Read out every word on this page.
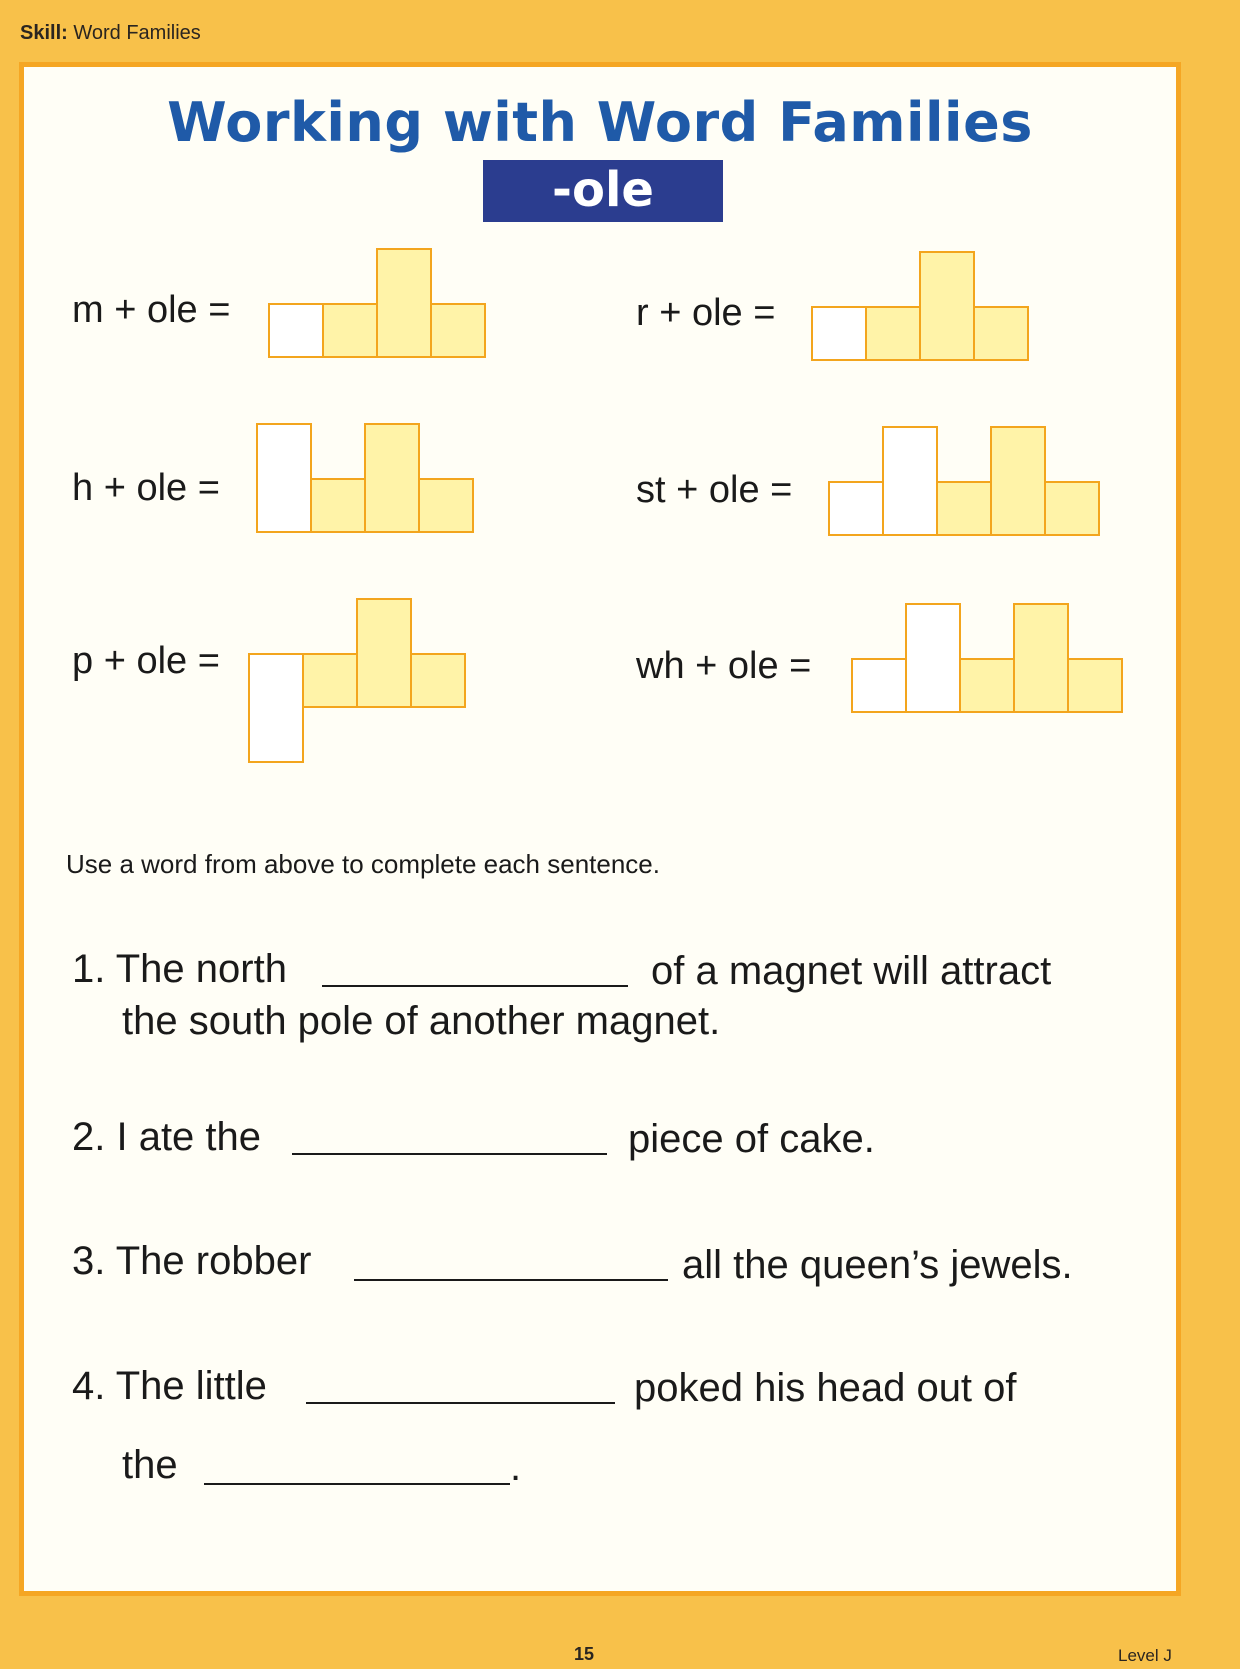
Skill: Word Families
Working with Word Families
-ole
m + ole =	r + ole =
h + ole =	st + ole =
p + ole =	wh + ole =
Use a word from above to complete each sentence.
1. The north	of a magnet will attract
the south pole of another magnet.
2. I ate the	piece of cake.
3. The robber	all the queen’s jewels.
4. The little	poked his head out of
the	.
15	Level J
